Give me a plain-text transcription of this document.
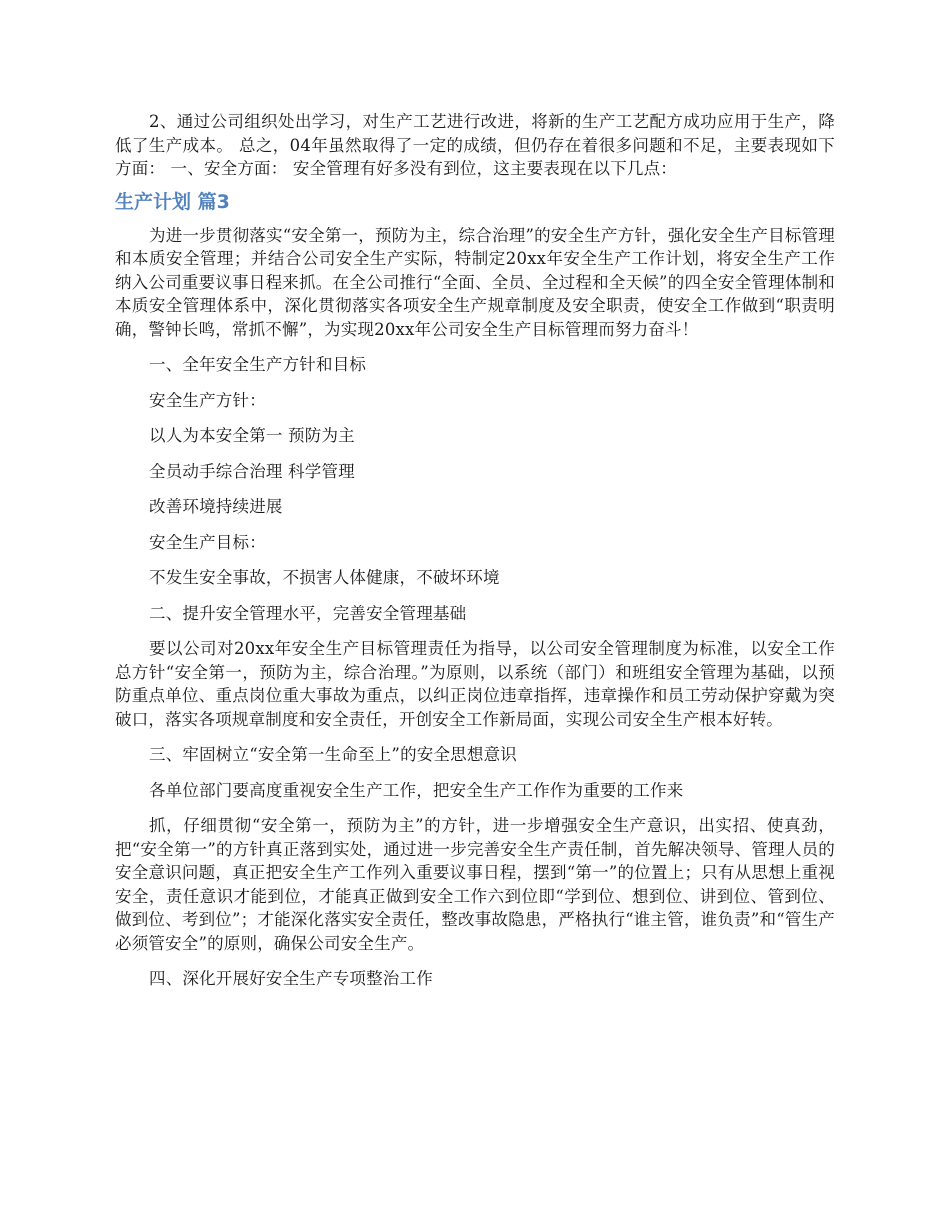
2、通过公司组织处出学习，对生产工艺进行改进，将新的生产工艺配方成功应用于生产，降低了生产成本。 总之，04年虽然取得了一定的成绩，但仍存在着很多问题和不足，主要表现如下方面： 一、安全方面： 安全管理有好多没有到位，这主要表现在以下几点：

生产计划 篇3

为进一步贯彻落实“安全第一，预防为主，综合治理”的安全生产方针，强化安全生产目标管理和本质安全管理；并结合公司安全生产实际，特制定20xx年安全生产工作计划，将安全生产工作纳入公司重要议事日程来抓。在全公司推行“全面、全员、全过程和全天候”的四全安全管理体制和本质安全管理体系中，深化贯彻落实各项安全生产规章制度及安全职责，使安全工作做到“职责明确，警钟长鸣，常抓不懈”，为实现20xx年公司安全生产目标管理而努力奋斗！

一、全年安全生产方针和目标

安全生产方针：

以人为本安全第一 预防为主

全员动手综合治理 科学管理

改善环境持续进展

安全生产目标：

不发生安全事故，不损害人体健康，不破坏环境

二、提升安全管理水平，完善安全管理基础

要以公司对20xx年安全生产目标管理责任为指导，以公司安全管理制度为标准，以安全工作总方针“安全第一，预防为主，综合治理。”为原则，以系统（部门）和班组安全管理为基础，以预防重点单位、重点岗位重大事故为重点，以纠正岗位违章指挥，违章操作和员工劳动保护穿戴为突破口，落实各项规章制度和安全责任，开创安全工作新局面，实现公司安全生产根本好转。

三、牢固树立“安全第一生命至上”的安全思想意识

各单位部门要高度重视安全生产工作，把安全生产工作作为重要的工作来

抓，仔细贯彻“安全第一，预防为主”的方针，进一步增强安全生产意识，出实招、使真劲，把“安全第一”的方针真正落到实处，通过进一步完善安全生产责任制，首先解决领导、管理人员的安全意识问题，真正把安全生产工作列入重要议事日程，摆到“第一”的位置上；只有从思想上重视安全，责任意识才能到位，才能真正做到安全工作六到位即“学到位、想到位、讲到位、管到位、做到位、考到位”；才能深化落实安全责任，整改事故隐患，严格执行“谁主管，谁负责”和“管生产必须管安全”的原则，确保公司安全生产。

四、深化开展好安全生产专项整治工作
